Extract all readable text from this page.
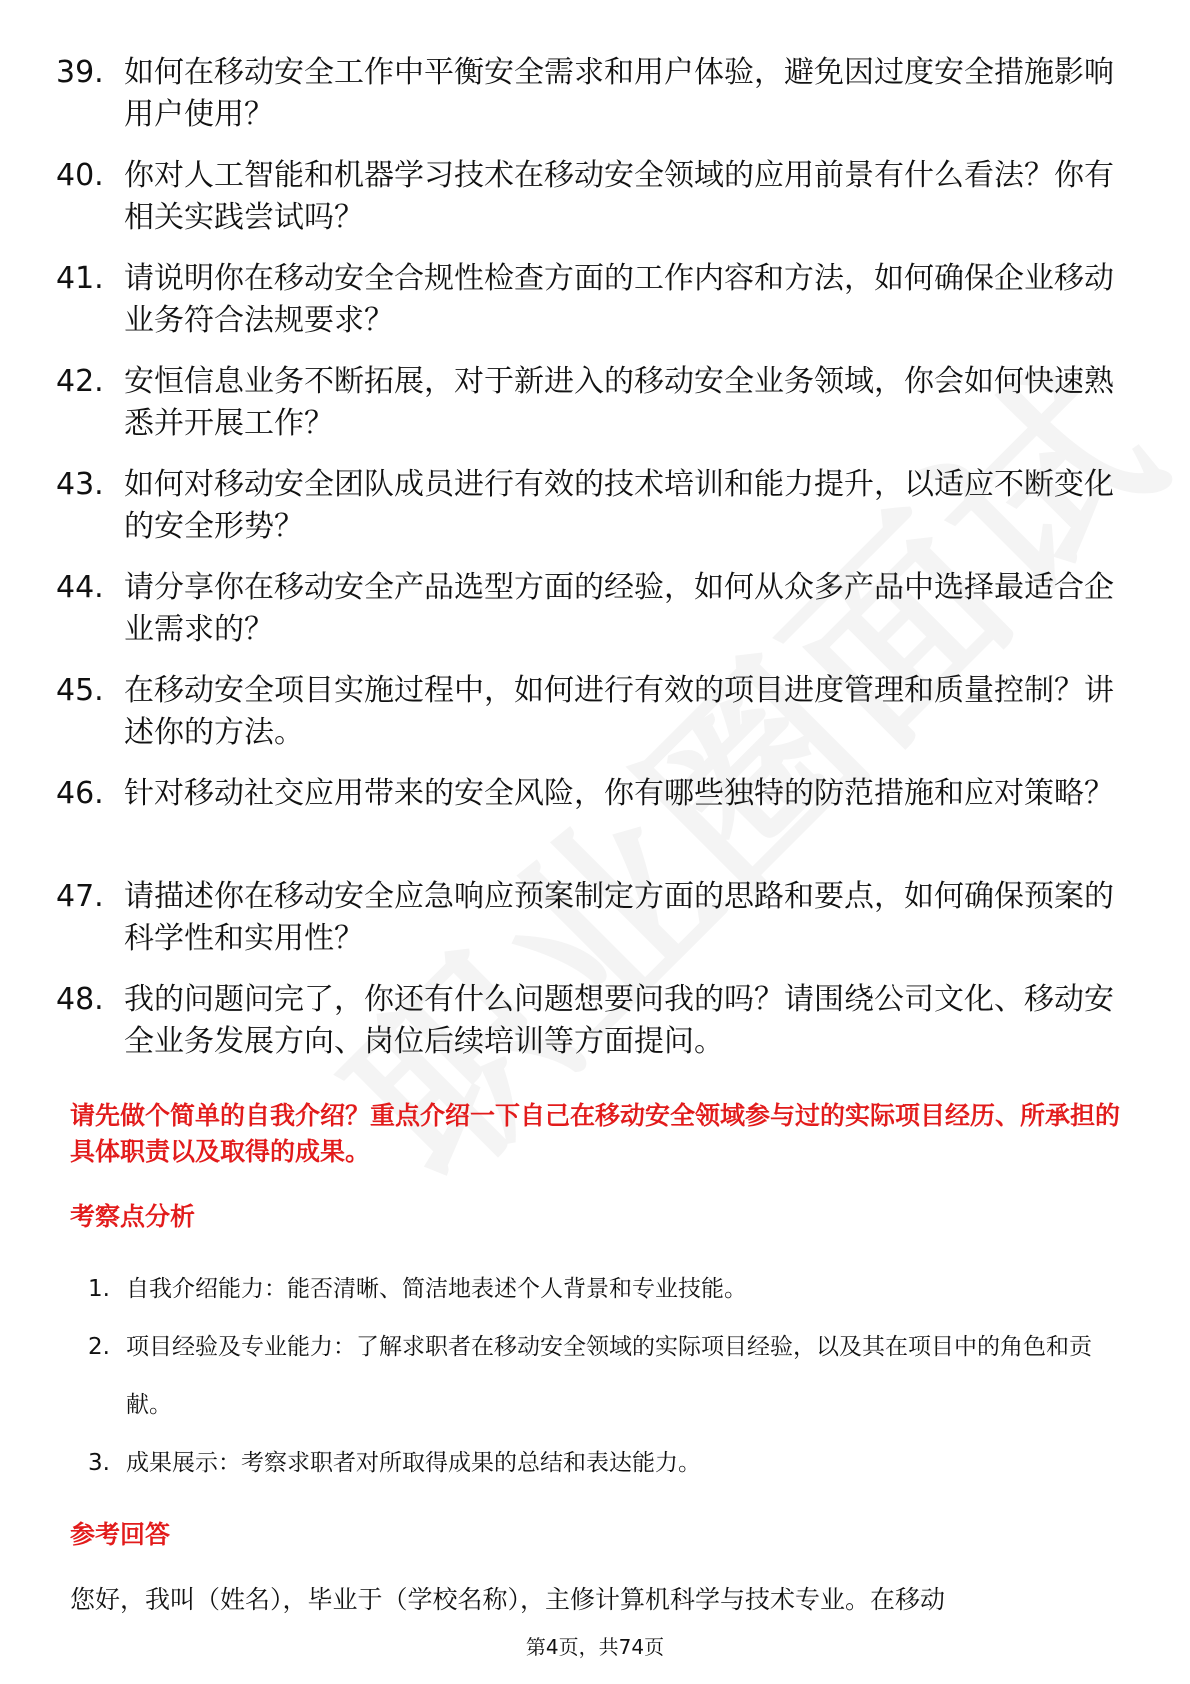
39. 如何在移动安全工作中平衡安全需求和用户体验，避免因过度安全措施影响用户使用？
40. 你对人工智能和机器学习技术在移动安全领域的应用前景有什么看法？你有相关实践尝试吗？
41. 请说明你在移动安全合规性检查方面的工作内容和方法，如何确保企业移动业务符合法规要求？
42. 安恒信息业务不断拓展，对于新进入的移动安全业务领域，你会如何快速熟悉并开展工作？
43. 如何对移动安全团队成员进行有效的技术培训和能力提升，以适应不断变化的安全形势？
44. 请分享你在移动安全产品选型方面的经验，如何从众多产品中选择最适合企业需求的？
45. 在移动安全项目实施过程中，如何进行有效的项目进度管理和质量控制？讲述你的方法。
46. 针对移动社交应用带来的安全风险，你有哪些独特的防范措施和应对策略？
47. 请描述你在移动安全应急响应预案制定方面的思路和要点，如何确保预案的科学性和实用性？
48. 我的问题问完了，你还有什么问题想要问我的吗？请围绕公司文化、移动安全业务发展方向、岗位后续培训等方面提问。
请先做个简单的自我介绍？重点介绍一下自己在移动安全领域参与过的实际项目经历、所承担的具体职责以及取得的成果。
考察点分析
1. 自我介绍能力：能否清晰、简洁地表述个人背景和专业技能。
2. 项目经验及专业能力：了解求职者在移动安全领域的实际项目经验，以及其在项目中的角色和贡献。
3. 成果展示：考察求职者对所取得成果的总结和表达能力。
参考回答
您好，我叫（姓名），毕业于（学校名称），主修计算机科学与技术专业。在移动
第4页，共74页
